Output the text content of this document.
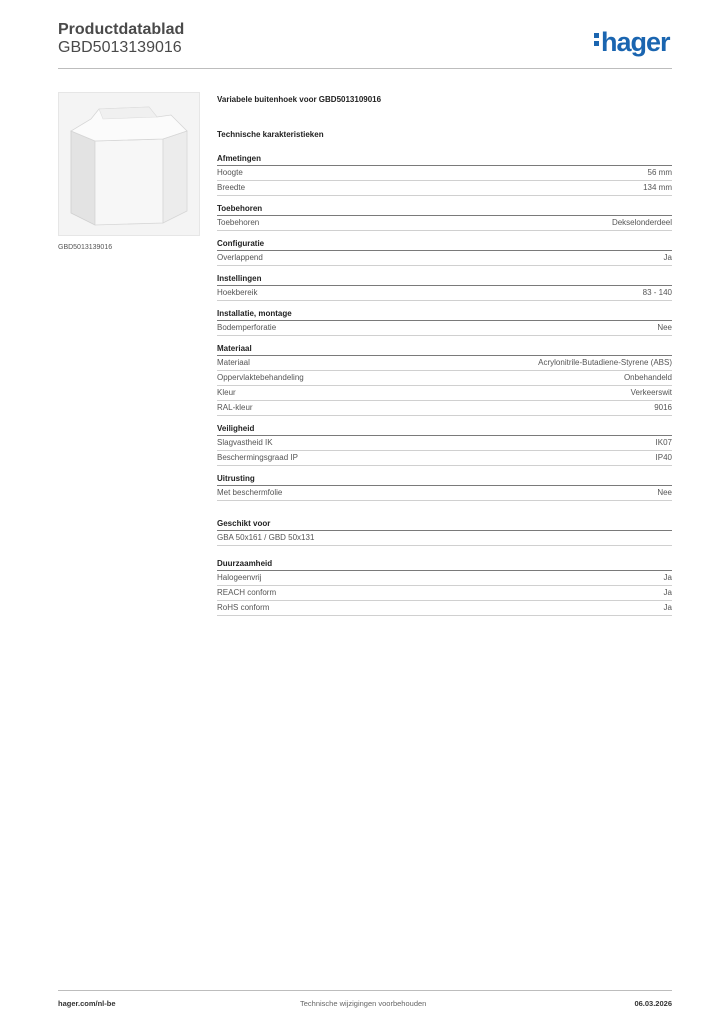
Productdatablad
GBD5013139016	hager
GBD5013139016
Variabele buitenhoek voor GBD5013109016
Technische karakteristieken
Afmetingen
Hoogte	56 mm
Breedte	134 mm
Toebehoren
Toebehoren	Dekselonderdeel
Configuratie
Overlappend	Ja
Instellingen
Hoekbereik	83 - 140
Installatie, montage
Bodemperforatie	Nee
Materiaal
Materiaal	Acrylonitrile-Butadiene-Styrene (ABS)
Oppervlaktebehandeling	Onbehandeld
Kleur	Verkeerswit
RAL-kleur	9016
Veiligheid
Slagvastheid IK	IK07
Beschermingsgraad IP	IP40
Uitrusting
Met beschermfolie	Nee
Geschikt voor
GBA 50x161 / GBD 50x131
Duurzaamheid
Halogeenvrij	Ja
REACH conform	Ja
RoHS conform	Ja
hager.com/nl-be	Technische wijzigingen voorbehouden	06.03.2026
